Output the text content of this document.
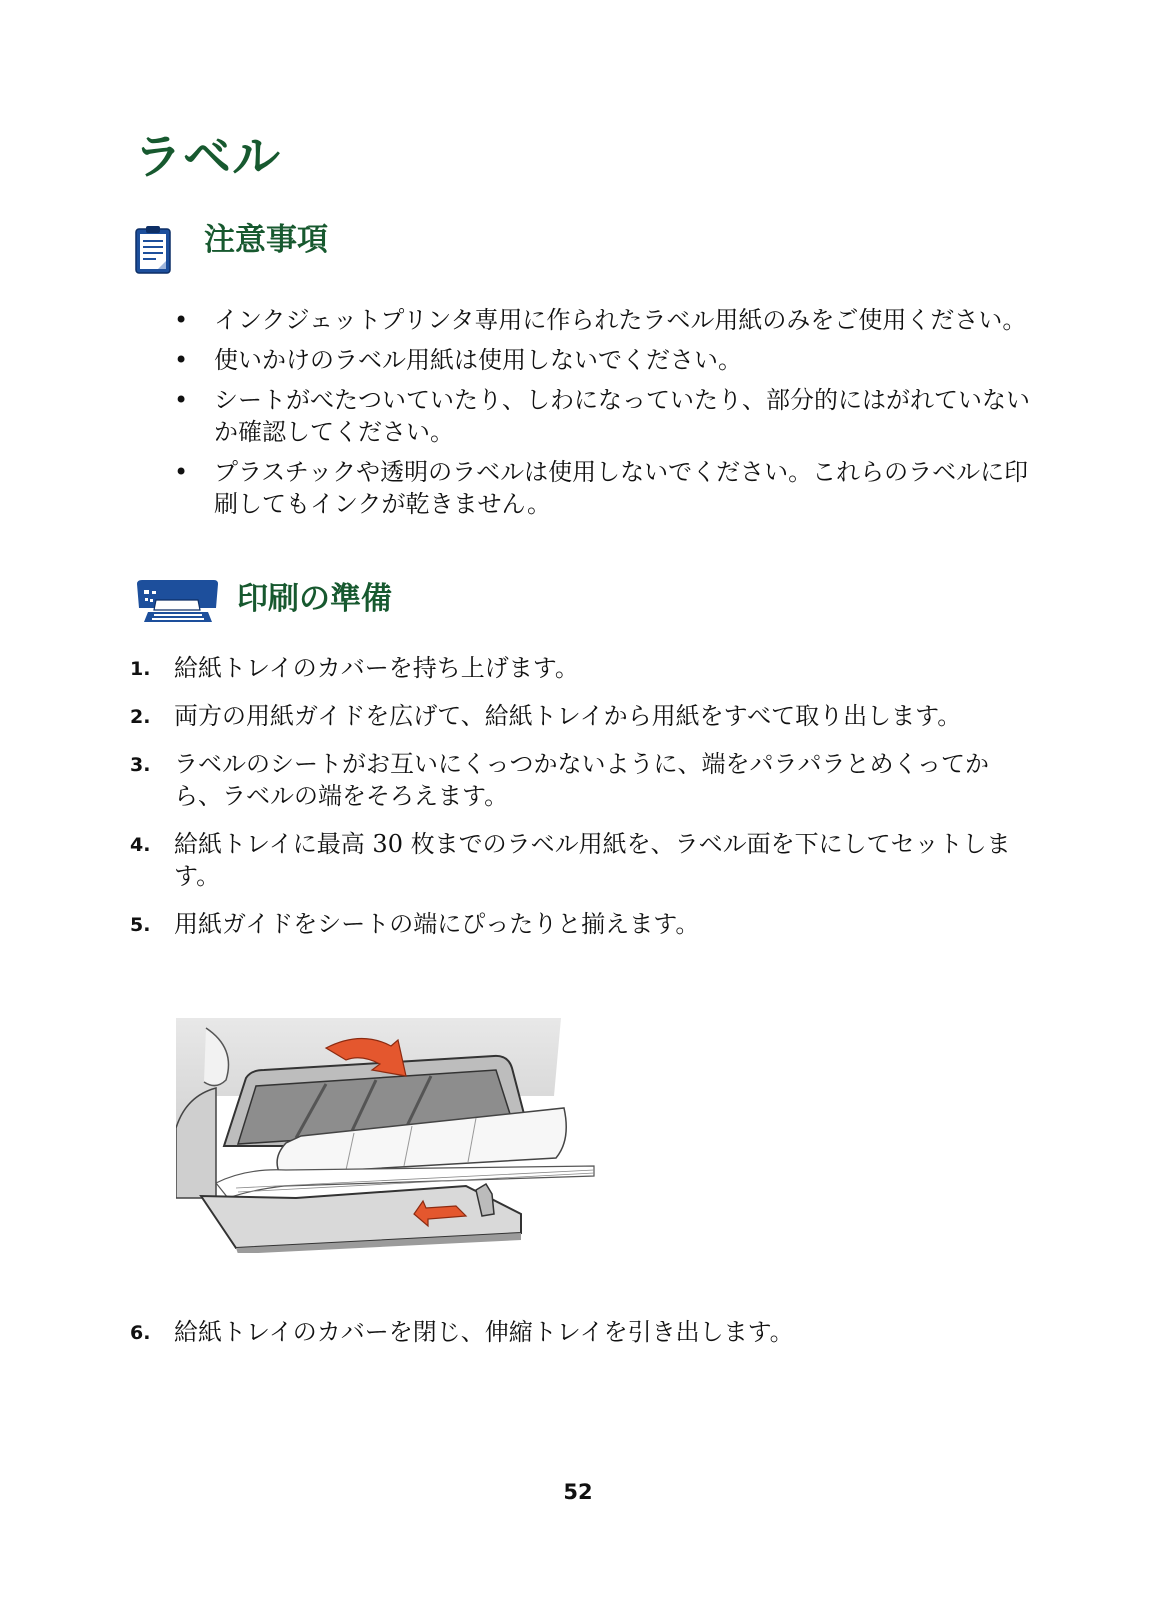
ラベル
注意事項
• インクジェットプリンタ専用に作られたラベル用紙のみをご使用ください。
• 使いかけのラベル用紙は使用しないでください。
• シートがべたついていたり、しわになっていたり、部分的にはがれていないか確認してください。
• プラスチックや透明のラベルは使用しないでください。これらのラベルに印刷してもインクが乾きません。
印刷の準備
1. 給紙トレイのカバーを持ち上げます。
2. 両方の用紙ガイドを広げて、給紙トレイから用紙をすべて取り出します。
3. ラベルのシートがお互いにくっつかないように、端をパラパラとめくってから、ラベルの端をそろえます。
4. 給紙トレイに最高 30 枚までのラベル用紙を、ラベル面を下にしてセットします。
5. 用紙ガイドをシートの端にぴったりと揃えます。
6. 給紙トレイのカバーを閉じ、伸縮トレイを引き出します。
52
